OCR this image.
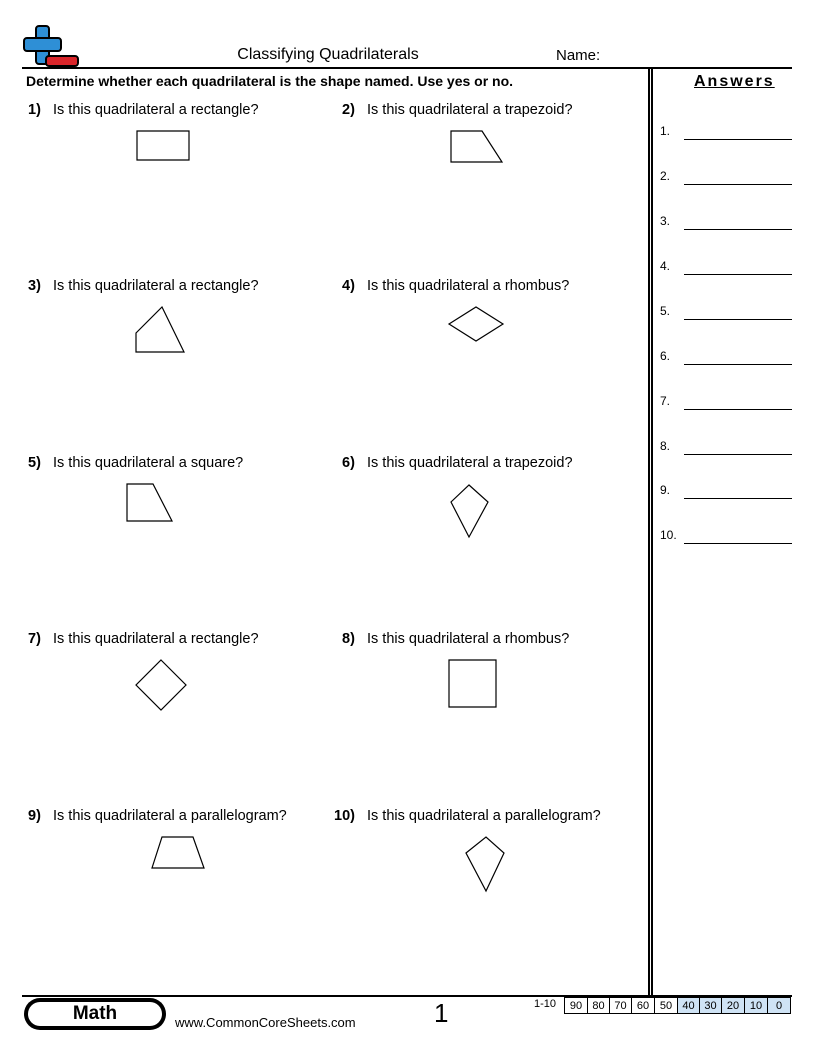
Classifying Quadrilaterals	Name:
Determine whether each quadrilateral is the shape named. Use yes or no.
1) Is this quadrilateral a rectangle?	2) Is this quadrilateral a trapezoid?
3) Is this quadrilateral a rectangle?	4) Is this quadrilateral a rhombus?
5) Is this quadrilateral a square?	6) Is this quadrilateral a trapezoid?
7) Is this quadrilateral a rectangle?	8) Is this quadrilateral a rhombus?
9) Is this quadrilateral a parallelogram?	10) Is this quadrilateral a parallelogram?
Answers
1.
2.
3.
4.
5.
6.
7.
8.
9.
10.
Math	www.CommonCoreSheets.com	1	1-10	90 80 70 60 50 40 30 20 10	0
